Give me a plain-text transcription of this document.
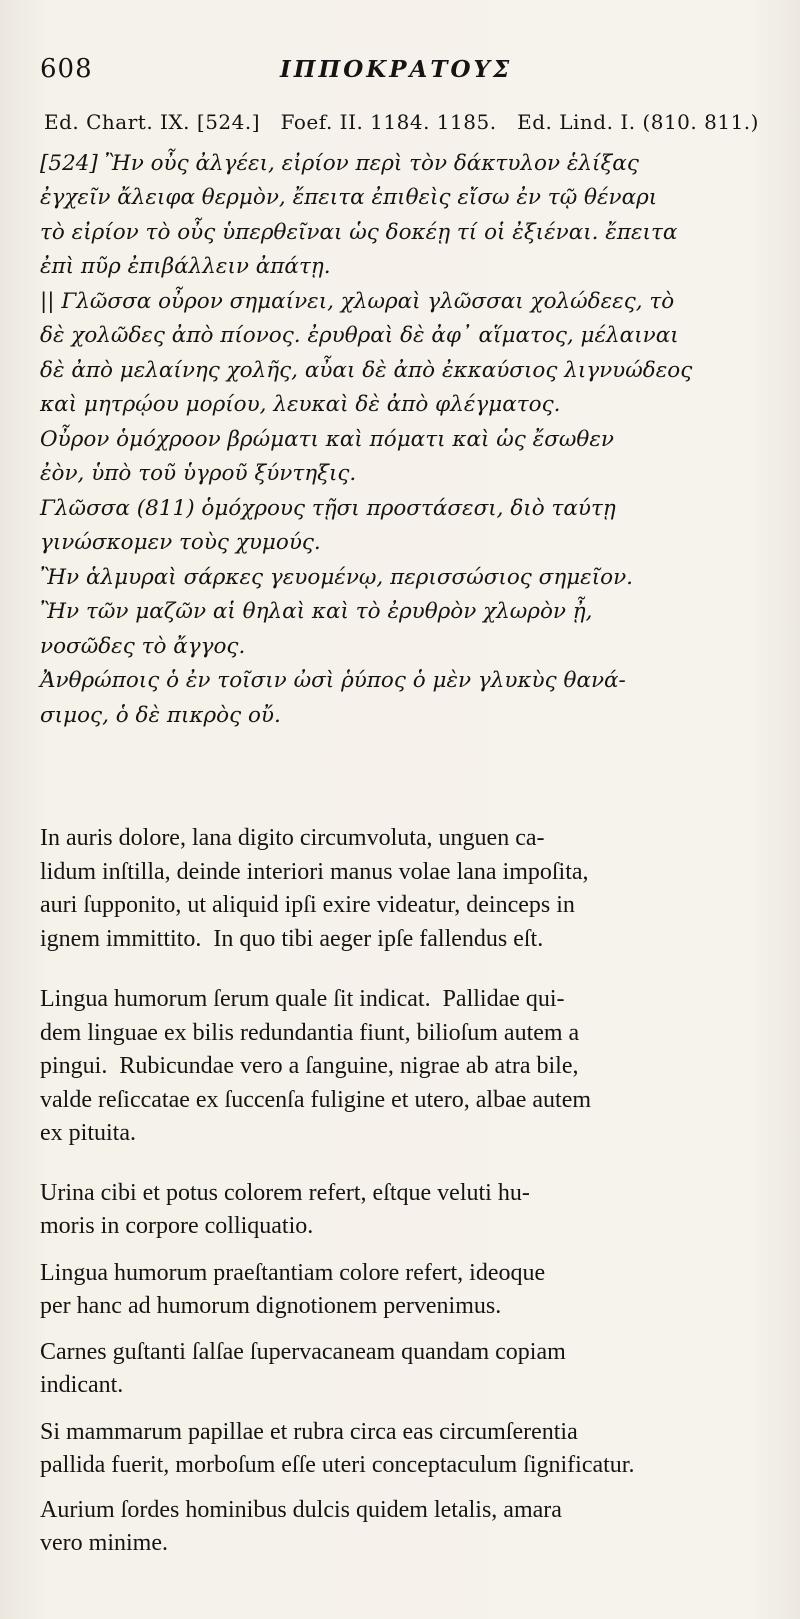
608	ΙΠΠΟΚΡΑΤΟΥΣ
Ed. Chart. IX. [524.]   Foef. II. 1184. 1185.   Ed. Lind. I. (810. 811.)
[524] Ἢν οὖς ἀλγέει, εἰρίον περὶ τὸν δάκτυλον ἑλίξας
ἐγχεῖν ἄλειφα θερμὸν, ἔπειτα ἐπιθεὶς εἴσω ἐν τῷ θέναρι
τὸ εἰρίον τὸ οὖς ὑπερθεῖναι ὡς δοκέῃ τί οἱ ἐξιέναι. ἔπειτα
ἐπὶ πῦρ ἐπιβάλλειν ἀπάτῃ.
|| Γλῶσσα οὖρον σημαίνει, χλωραὶ γλῶσσαι χολώδεες, τὸ
δὲ χολῶδες ἀπὸ πίονος. ἐρυθραὶ δὲ ἀφ᾽ αἵματος, μέλαιναι
δὲ ἀπὸ μελαίνης χολῆς, αὖαι δὲ ἀπὸ ἐκκαύσιος λιγνυώδεος
καὶ μητρῴου μορίου, λευκαὶ δὲ ἀπὸ φλέγματος.
Οὖρον ὁμόχροον βρώματι καὶ πόματι καὶ ὡς ἔσωθεν
ἐὸν, ὑπὸ τοῦ ὑγροῦ ξύντηξις.
Γλῶσσα (811) ὁμόχρους τῇσι προστάσεσι, διὸ ταύτῃ
γινώσκομεν τοὺς χυμούς.
Ἢν ἁλμυραὶ σάρκες γευομένῳ, περισσώσιος σημεῖον.
Ἢν τῶν μαζῶν αἱ θηλαὶ καὶ τὸ ἐρυθρὸν χλωρὸν ᾖ,
νοσῶδες τὸ ἄγγος.
Ἀνθρώποις ὁ ἐν τοῖσιν ὠσὶ ῥύπος ὁ μὲν γλυκὺς θανά-
σιμος, ὁ δὲ πικρὸς οὔ.
In auris dolore, lana digito circumvoluta, unguen ca-
lidum inſtilla, deinde interiori manus volae lana impoſita,
auri ſupponito, ut aliquid ipſi exire videatur, deinceps in
ignem immittito.  In quo tibi aeger ipſe fallendus eſt.
Lingua humorum ſerum quale ſit indicat.  Pallidae qui-
dem linguae ex bilis redundantia fiunt, bilioſum autem a
pingui.  Rubicundae vero a ſanguine, nigrae ab atra bile,
valde reſiccatae ex ſuccenſa fuligine et utero, albae autem
ex pituita.
Urina cibi et potus colorem refert, eſtque veluti hu-
moris in corpore colliquatio.
Lingua humorum praeſtantiam colore refert, ideoque
per hanc ad humorum dignotionem pervenimus.
Carnes guſtanti ſalſae ſupervacaneam quandam copiam
indicant.
Si mammarum papillae et rubra circa eas circumſerentia
pallida fuerit, morboſum eſſe uteri conceptaculum ſignificatur.
Aurium ſordes hominibus dulcis quidem letalis, amara
vero minime.
